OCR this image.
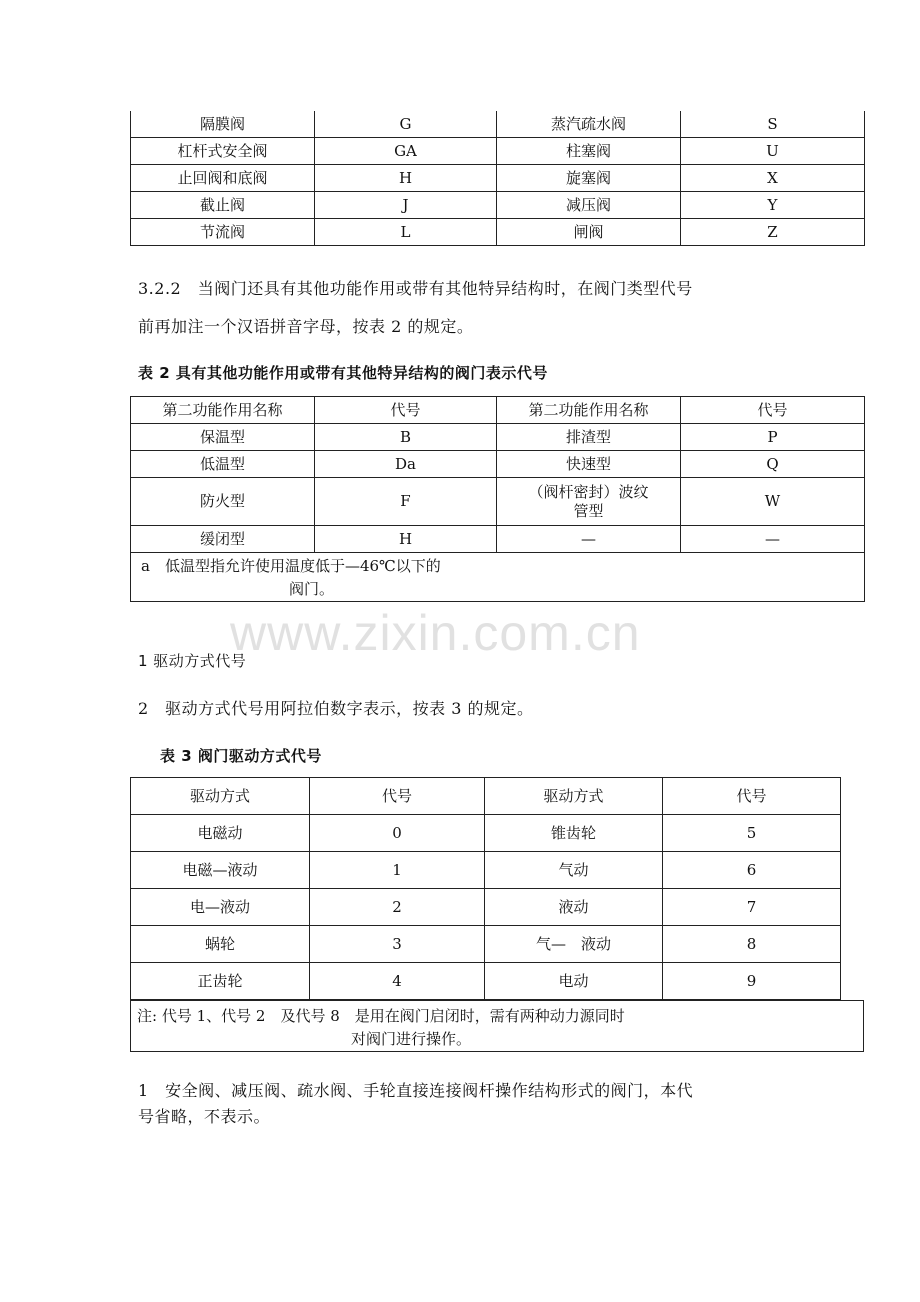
隔膜阀	G	蒸汽疏水阀	S
杠杆式安全阀	GA	柱塞阀	U
止回阀和底阀	H	旋塞阀	X
截止阀	J	减压阀	Y
节流阀	L	闸阀	Z
3.2.2　当阀门还具有其他功能作用或带有其他特异结构时，在阀门类型代号
前再加注一个汉语拼音字母，按表 2 的规定。
表 2 具有其他功能作用或带有其他特异结构的阀门表示代号
第二功能作用名称	代号	第二功能作用名称	代号
保温型	B	排渣型	P
低温型	Da	快速型	Q
防火型	F	（阀杆密封）波纹管型	W
缓闭型	H	—	—

a　低温型指允许使用温度低于—46℃以下的
阀门。			
www.zixin.com.cn
1 驱动方式代号
2　驱动方式代号用阿拉伯数字表示，按表 3 的规定。
表 3 阀门驱动方式代号
驱动方式	代号	驱动方式	代号
电磁动	0	锥齿轮	5
电磁—液动	1	气动	6
电—液动	2	液动	7
蜗轮	3	气—　液动	8
正齿轮	4	电动	9
注: 代号 1、代号 2　及代号 8　是用在阀门启闭时，需有两种动力源同时
对阀门进行操作。
1　安全阀、减压阀、疏水阀、手轮直接连接阀杆操作结构形式的阀门，本代
号省略，不表示。
